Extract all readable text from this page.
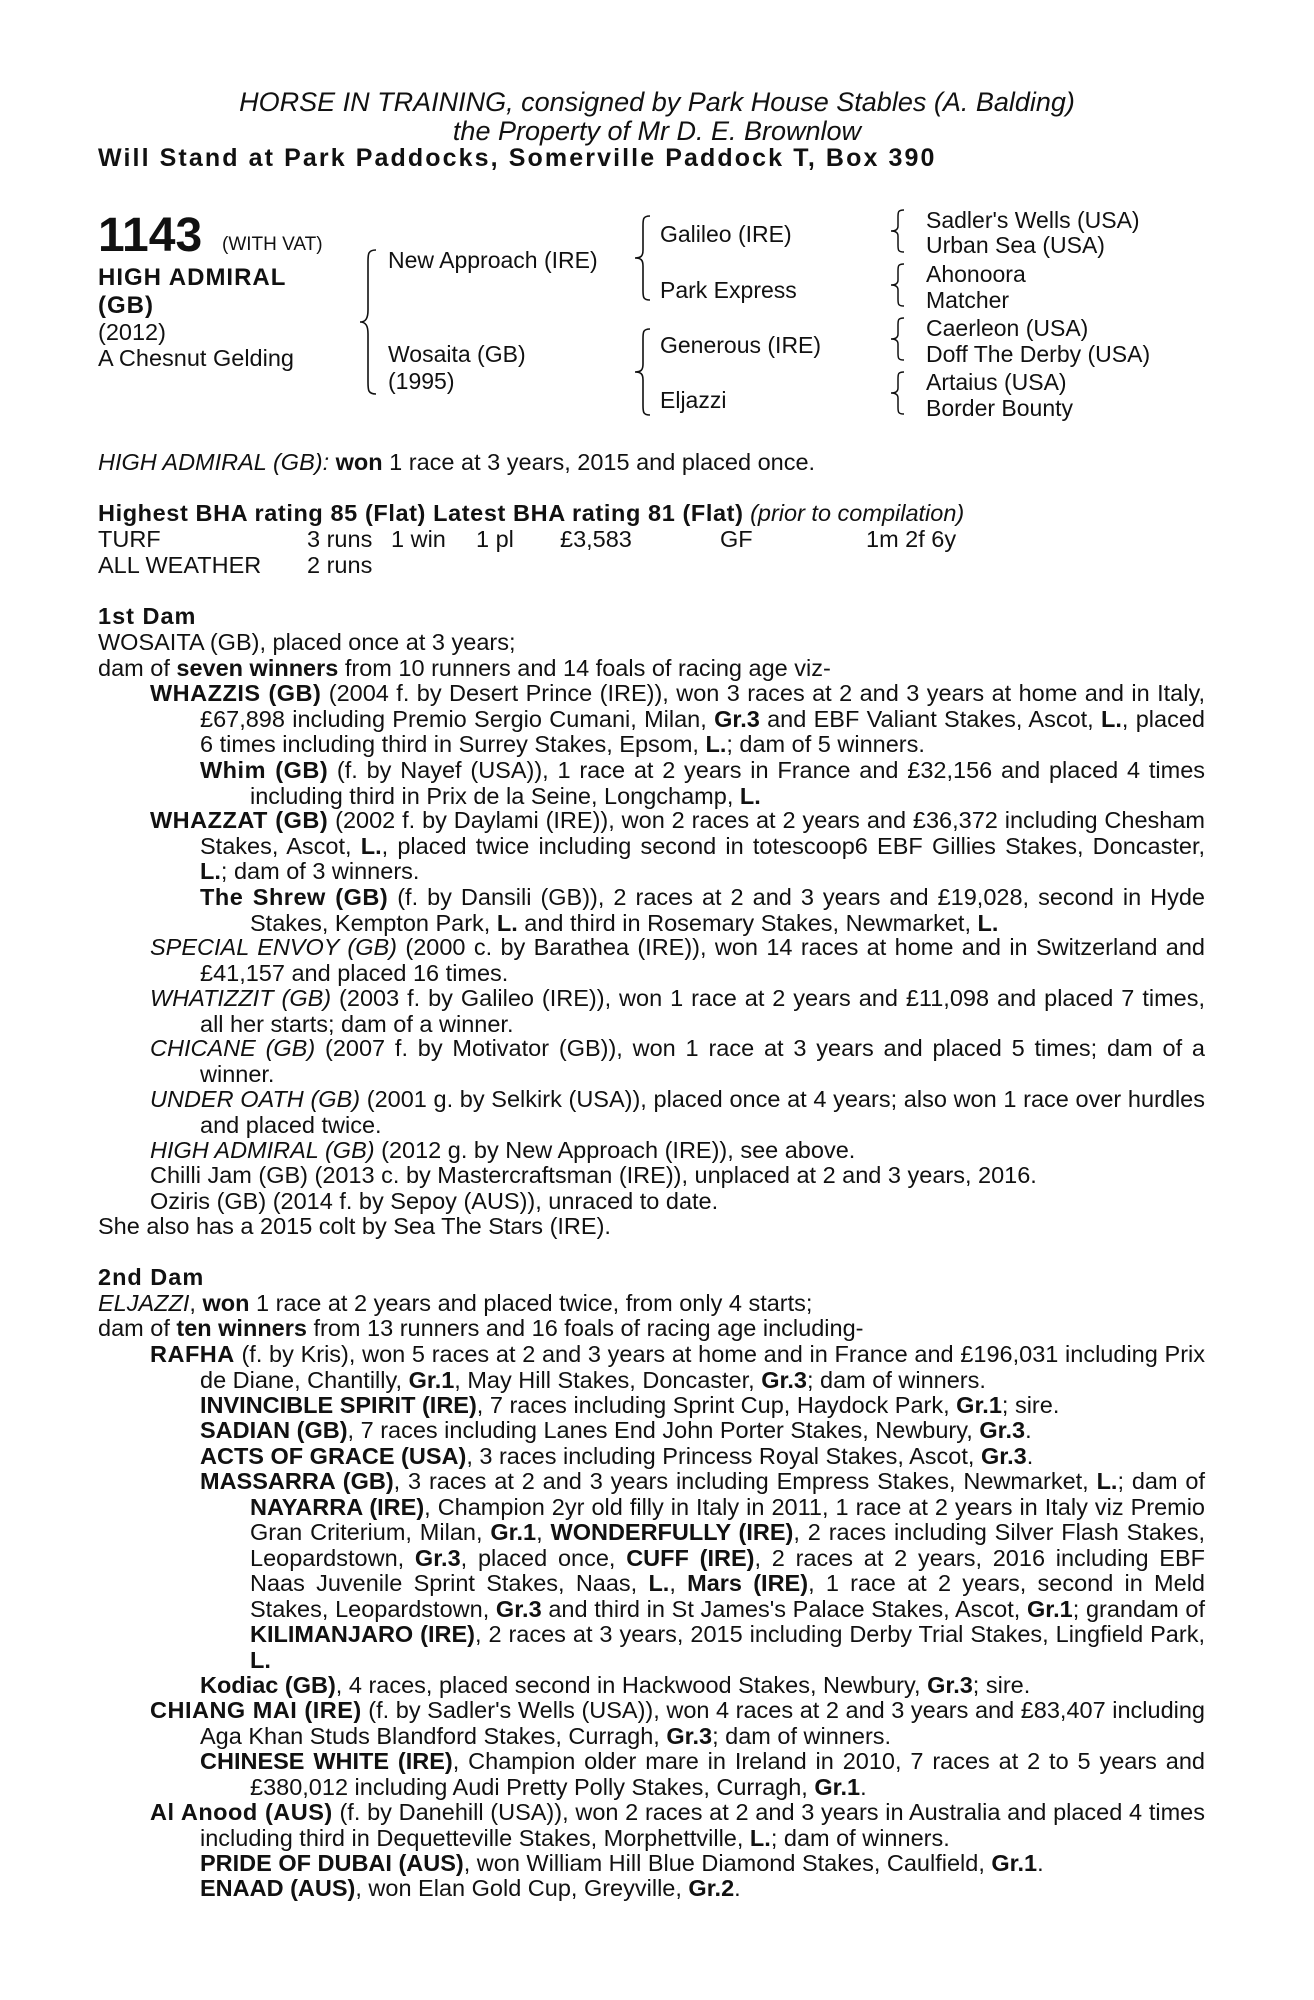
HORSE IN TRAINING, consigned by Park House Stables (A. Balding)
the Property of Mr D. E. Brownlow
Will Stand at Park Paddocks, Somerville Paddock T, Box 390
1143 (WITH VAT)
HIGH ADMIRAL
(GB)
(2012)
A Chesnut Gelding
New Approach (IRE)
Wosaita (GB)
(1995)
Galileo (IRE)
Park Express
Generous (IRE)
Eljazzi
Sadler's Wells (USA)
Urban Sea (USA)
Ahonoora
Matcher
Caerleon (USA)
Doff The Derby (USA)
Artaius (USA)
Border Bounty
HIGH ADMIRAL (GB): won 1 race at 3 years, 2015 and placed once.
Highest BHA rating 85 (Flat) Latest BHA rating 81 (Flat) (prior to compilation)
TURF	3 runs 1 win 1 pl £3,583	GF	1m 2f 6y
ALL WEATHER 2 runs
1st Dam
WOSAITA (GB), placed once at 3 years;
dam of seven winners from 10 runners and 14 foals of racing age viz-
WHAZZIS (GB) (2004 f. by Desert Prince (IRE)), won 3 races at 2 and 3 years at home and in Italy, £67,898 including Premio Sergio Cumani, Milan, Gr.3 and EBF Valiant Stakes, Ascot, L., placed 6 times including third in Surrey Stakes, Epsom, L.; dam of 5 winners.
Whim (GB) (f. by Nayef (USA)), 1 race at 2 years in France and £32,156 and placed 4 times including third in Prix de la Seine, Longchamp, L.
WHAZZAT (GB) (2002 f. by Daylami (IRE)), won 2 races at 2 years and £36,372 including Chesham Stakes, Ascot, L., placed twice including second in totescoop6 EBF Gillies Stakes, Doncaster, L.; dam of 3 winners.
The Shrew (GB) (f. by Dansili (GB)), 2 races at 2 and 3 years and £19,028, second in Hyde Stakes, Kempton Park, L. and third in Rosemary Stakes, Newmarket, L.
SPECIAL ENVOY (GB) (2000 c. by Barathea (IRE)), won 14 races at home and in Switzerland and £41,157 and placed 16 times.
WHATIZZIT (GB) (2003 f. by Galileo (IRE)), won 1 race at 2 years and £11,098 and placed 7 times, all her starts; dam of a winner.
CHICANE (GB) (2007 f. by Motivator (GB)), won 1 race at 3 years and placed 5 times; dam of a winner.
UNDER OATH (GB) (2001 g. by Selkirk (USA)), placed once at 4 years; also won 1 race over hurdles and placed twice.
HIGH ADMIRAL (GB) (2012 g. by New Approach (IRE)), see above.
Chilli Jam (GB) (2013 c. by Mastercraftsman (IRE)), unplaced at 2 and 3 years, 2016.
Oziris (GB) (2014 f. by Sepoy (AUS)), unraced to date.
She also has a 2015 colt by Sea The Stars (IRE).
2nd Dam
ELJAZZI, won 1 race at 2 years and placed twice, from only 4 starts;
dam of ten winners from 13 runners and 16 foals of racing age including-
RAFHA (f. by Kris), won 5 races at 2 and 3 years at home and in France and £196,031 including Prix de Diane, Chantilly, Gr.1, May Hill Stakes, Doncaster, Gr.3; dam of winners.
INVINCIBLE SPIRIT (IRE), 7 races including Sprint Cup, Haydock Park, Gr.1; sire.
SADIAN (GB), 7 races including Lanes End John Porter Stakes, Newbury, Gr.3.
ACTS OF GRACE (USA), 3 races including Princess Royal Stakes, Ascot, Gr.3.
MASSARRA (GB), 3 races at 2 and 3 years including Empress Stakes, Newmarket, L.; dam of NAYARRA (IRE), Champion 2yr old filly in Italy in 2011, 1 race at 2 years in Italy viz Premio Gran Criterium, Milan, Gr.1, WONDERFULLY (IRE), 2 races including Silver Flash Stakes, Leopardstown, Gr.3, placed once, CUFF (IRE), 2 races at 2 years, 2016 including EBF Naas Juvenile Sprint Stakes, Naas, L., Mars (IRE), 1 race at 2 years, second in Meld Stakes, Leopardstown, Gr.3 and third in St James's Palace Stakes, Ascot, Gr.1; grandam of KILIMANJARO (IRE), 2 races at 3 years, 2015 including Derby Trial Stakes, Lingfield Park, L.
Kodiac (GB), 4 races, placed second in Hackwood Stakes, Newbury, Gr.3; sire.
CHIANG MAI (IRE) (f. by Sadler's Wells (USA)), won 4 races at 2 and 3 years and £83,407 including Aga Khan Studs Blandford Stakes, Curragh, Gr.3; dam of winners.
CHINESE WHITE (IRE), Champion older mare in Ireland in 2010, 7 races at 2 to 5 years and £380,012 including Audi Pretty Polly Stakes, Curragh, Gr.1.
Al Anood (AUS) (f. by Danehill (USA)), won 2 races at 2 and 3 years in Australia and placed 4 times including third in Dequetteville Stakes, Morphettville, L.; dam of winners.
PRIDE OF DUBAI (AUS), won William Hill Blue Diamond Stakes, Caulfield, Gr.1.
ENAAD (AUS), won Elan Gold Cup, Greyville, Gr.2.
